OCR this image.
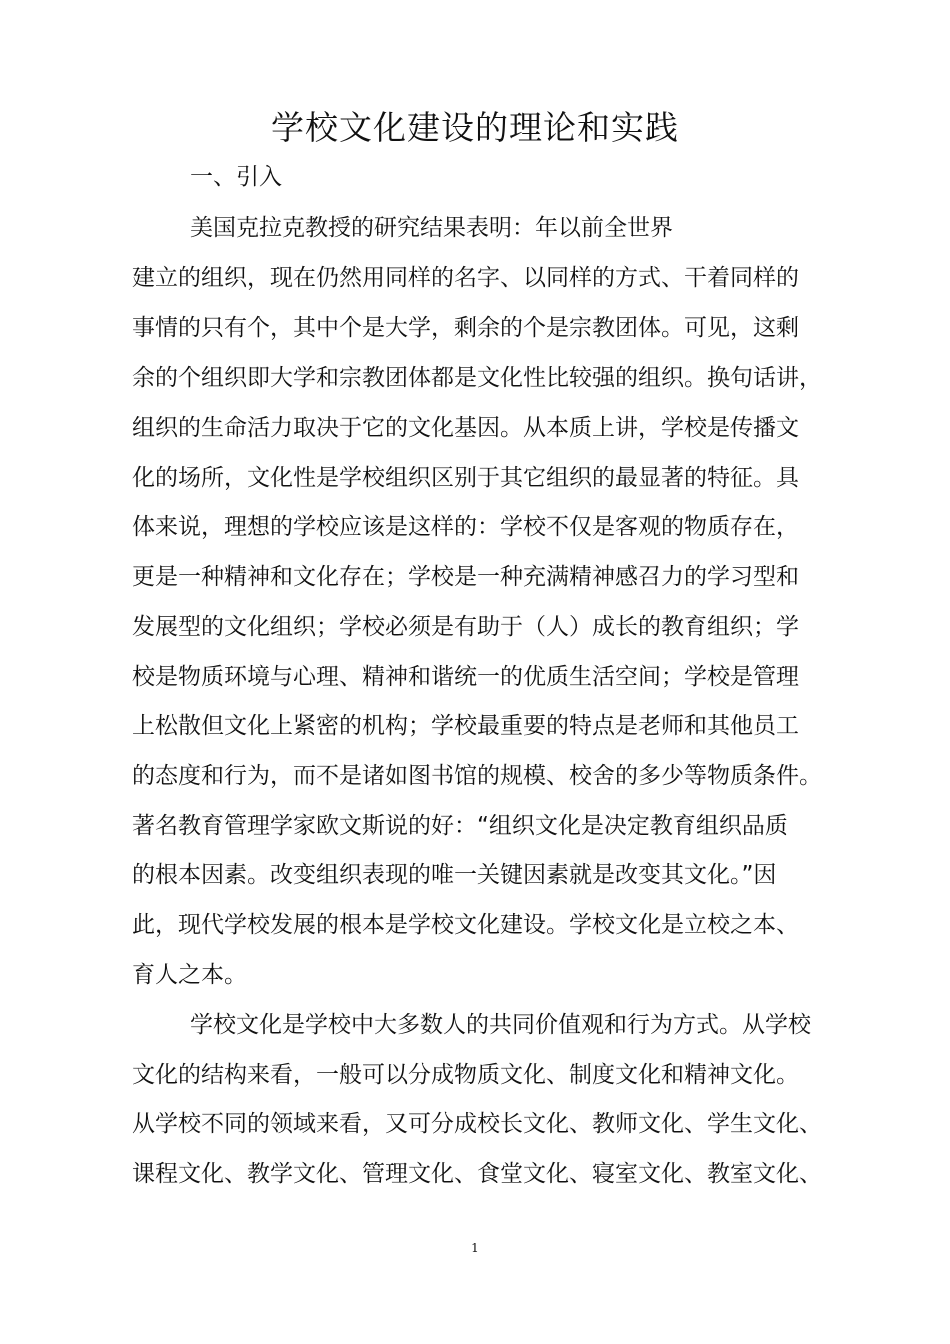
学校文化建设的理论和实践
一、引入
美国克拉克教授的研究结果表明：年以前全世界
建立的组织，现在仍然用同样的名字、以同样的方式、干着同样的
事情的只有个，其中个是大学，剩余的个是宗教团体。可见，这剩
余的个组织即大学和宗教团体都是文化性比较强的组织。换句话讲，
组织的生命活力取决于它的文化基因。从本质上讲，学校是传播文
化的场所，文化性是学校组织区别于其它组织的最显著的特征。具
体来说，理想的学校应该是这样的：学校不仅是客观的物质存在，
更是一种精神和文化存在；学校是一种充满精神感召力的学习型和
发展型的文化组织；学校必须是有助于（人）成长的教育组织；学
校是物质环境与心理、精神和谐统一的优质生活空间；学校是管理
上松散但文化上紧密的机构；学校最重要的特点是老师和其他员工
的态度和行为，而不是诸如图书馆的规模、校舍的多少等物质条件。
著名教育管理学家欧文斯说的好：“组织文化是决定教育组织品质
的根本因素。改变组织表现的唯一关键因素就是改变其文化。”因
此，现代学校发展的根本是学校文化建设。学校文化是立校之本、
育人之本。
学校文化是学校中大多数人的共同价值观和行为方式。从学校
文化的结构来看，一般可以分成物质文化、制度文化和精神文化。
从学校不同的领域来看，又可分成校长文化、教师文化、学生文化、
课程文化、教学文化、管理文化、食堂文化、寝室文化、教室文化、
1
